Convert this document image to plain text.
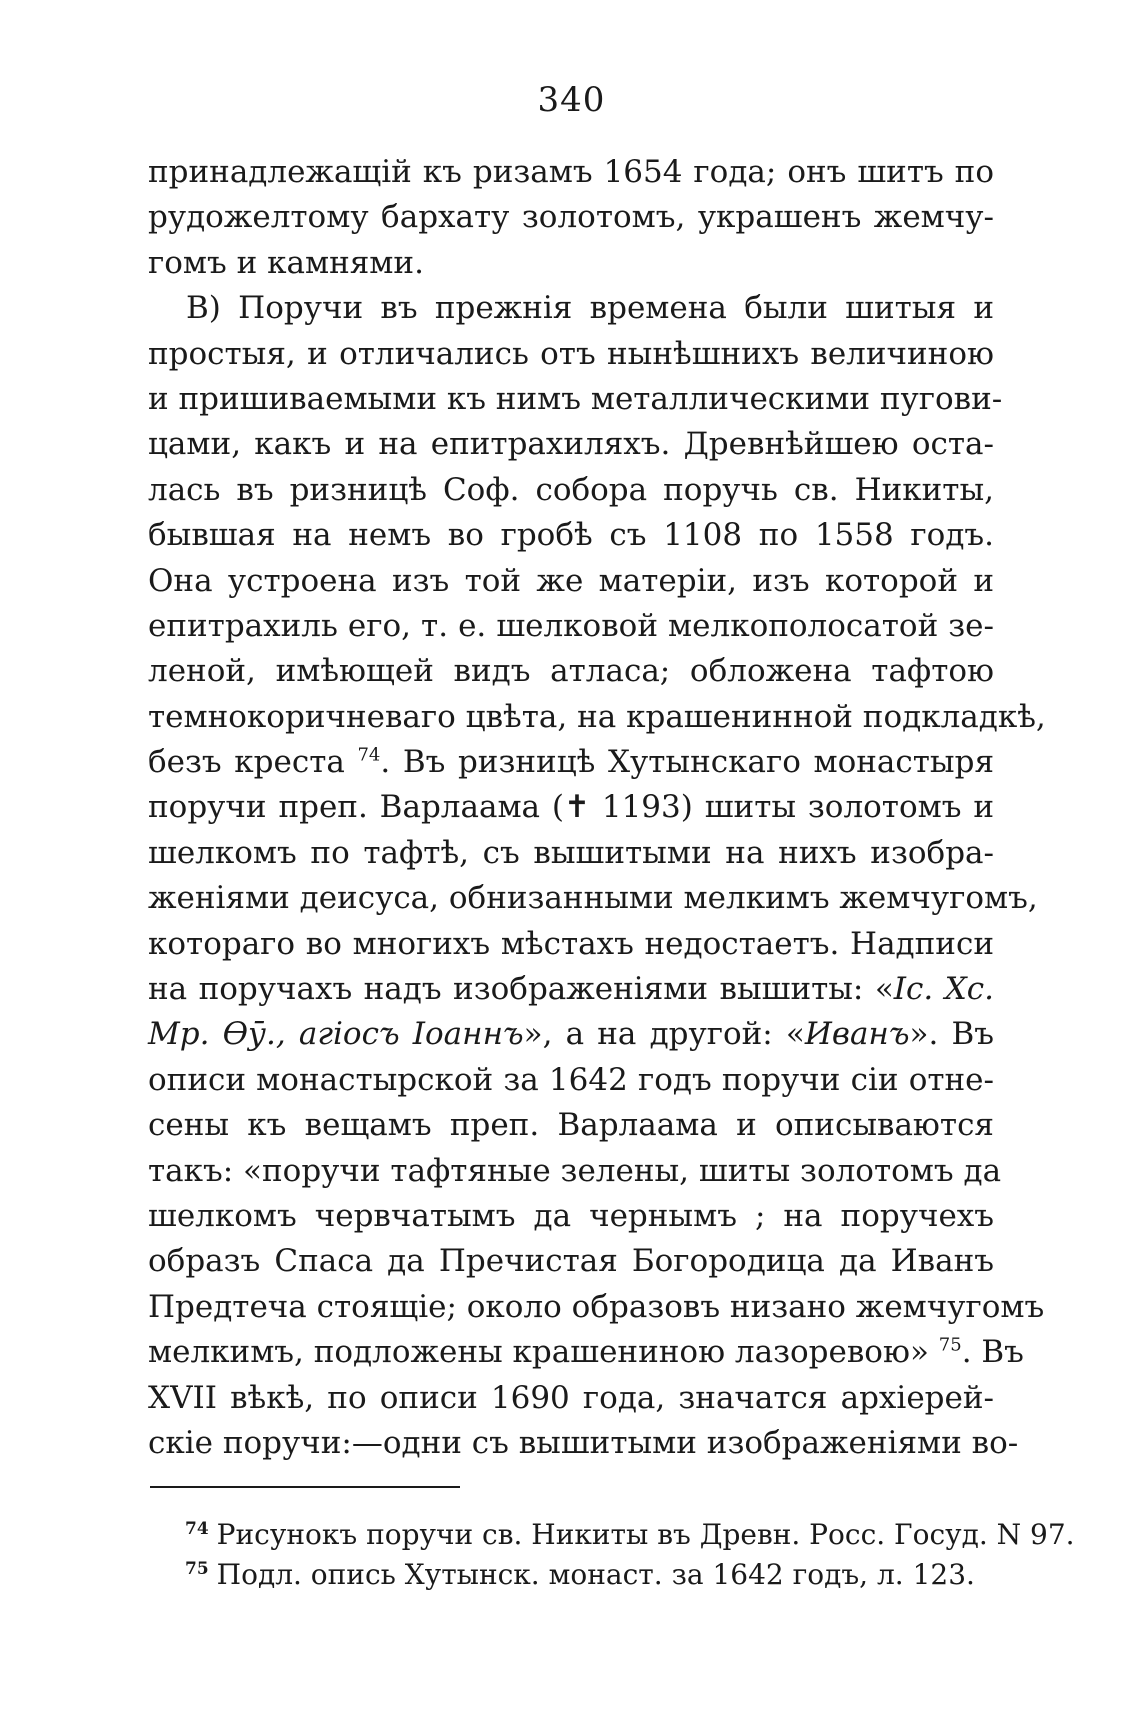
340
принадлежащій къ ризамъ 1654 года; онъ шитъ по
рудожелтому бархату золотомъ, украшенъ жемчу-
гомъ и камнями.
В) Поручи въ прежнія времена были шитыя и
простыя, и отличались отъ нынѣшнихъ величиною
и пришиваемыми къ нимъ металлическими пугови-
цами, какъ и на епитрахиляхъ. Древнѣйшею оста-
лась въ ризницѣ Соф. собора поручь св. Никиты,
бывшая на немъ во гробѣ съ 1108 по 1558 годъ.
Она устроена изъ той же матеріи, изъ которой и
епитрахиль его, т. е. шелковой мелкополосатой зе-
леной, имѣющей видъ атласа; обложена тафтою
темнокоричневаго цвѣта, на крашенинной подкладкѣ,
безъ креста $^{74}$. Въ ризницѣ Хутынскаго монастыря
поручи преп. Варлаама (✝ 1193) шиты золотомъ и
шелкомъ по тафтѣ, съ вышитыми на нихъ изобра-
женіями деисуса, обнизанными мелкимъ жемчугомъ,
котораго во многихъ мѣстахъ недостаетъ. Надписи
на поручахъ надъ изображеніями вышиты: «Іс. Хс.
Мр. Ѳӯ., агіосъ Іоаннъ», а на другой: «Иванъ». Въ
описи монастырской за 1642 годъ поручи сіи отне-
сены къ вещамъ преп. Варлаама и описываются
такъ: «поручи тафтяные зелены, шиты золотомъ да
шелкомъ червчатымъ да чернымъ ; на поручехъ
образъ Спаса да Пречистая Богородица да Иванъ
Предтеча стоящіе; около образовъ низано жемчугомъ
мелкимъ, подложены крашениною лазоревою» $^{75}$. Въ
XVII вѣкѣ, по описи 1690 года, значатся архіерей-
скіе поручи:—одни съ вышитыми изображеніями во-
$^{74}$ Рисунокъ поручи св. Никиты въ Древн. Росс. Госуд. N 97.
$^{75}$ Подл. опись Хутынск. монаст. за 1642 годъ, л. 123.
